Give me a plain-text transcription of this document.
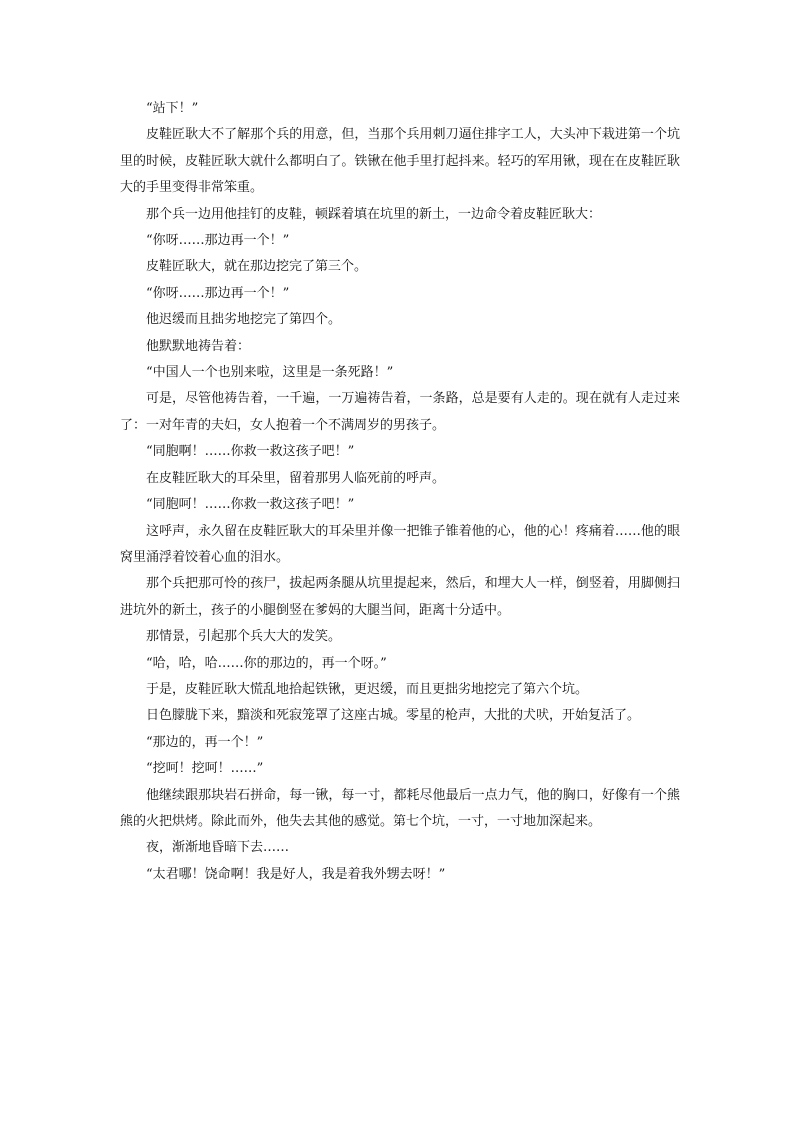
“站下！”

皮鞋匠耿大不了解那个兵的用意，但，当那个兵用刺刀逼住排字工人，大头冲下栽进第一个坑里的时候，皮鞋匠耿大就什么都明白了。铁锹在他手里打起抖来。轻巧的军用锹，现在在皮鞋匠耿大的手里变得非常笨重。

那个兵一边用他挂钉的皮鞋，顿踩着填在坑里的新土，一边命令着皮鞋匠耿大：

“你呀……那边再一个！”

皮鞋匠耿大，就在那边挖完了第三个。

“你呀……那边再一个！”

他迟缓而且拙劣地挖完了第四个。

他默默地祷告着：

“中国人一个也别来啦，这里是一条死路！”

可是，尽管他祷告着，一千遍，一万遍祷告着，一条路，总是要有人走的。现在就有人走过来了：一对年青的夫妇，女人抱着一个不满周岁的男孩子。

“同胞啊！……你救一救这孩子吧！”

在皮鞋匠耿大的耳朵里，留着那男人临死前的呼声。

“同胞呵！……你救一救这孩子吧！”

这呼声，永久留在皮鞋匠耿大的耳朵里并像一把锥子锥着他的心，他的心！疼痛着……他的眼窝里涌浮着饺着心血的泪水。

那个兵把那可怜的孩尸，拔起两条腿从坑里提起来，然后，和埋大人一样，倒竖着，用脚侧扫进坑外的新土，孩子的小腿倒竖在爹妈的大腿当间，距离十分适中。

那情景，引起那个兵大大的发笑。

“哈，哈，哈……你的那边的，再一个呀。”

于是，皮鞋匠耿大慌乱地拾起铁锹，更迟缓，而且更拙劣地挖完了第六个坑。

日色朦胧下来，黯淡和死寂笼罩了这座古城。零星的枪声，大批的犬吠，开始复活了。

“那边的，再一个！”

“挖呵！挖呵！……”

他继续跟那块岩石拼命，每一锹，每一寸，都耗尽他最后一点力气，他的胸口，好像有一个熊熊的火把烘烤。除此而外，他失去其他的感觉。第七个坑，一寸，一寸地加深起来。

夜，渐渐地昏暗下去……

“太君哪！饶命啊！我是好人，我是着我外甥去呀！”
